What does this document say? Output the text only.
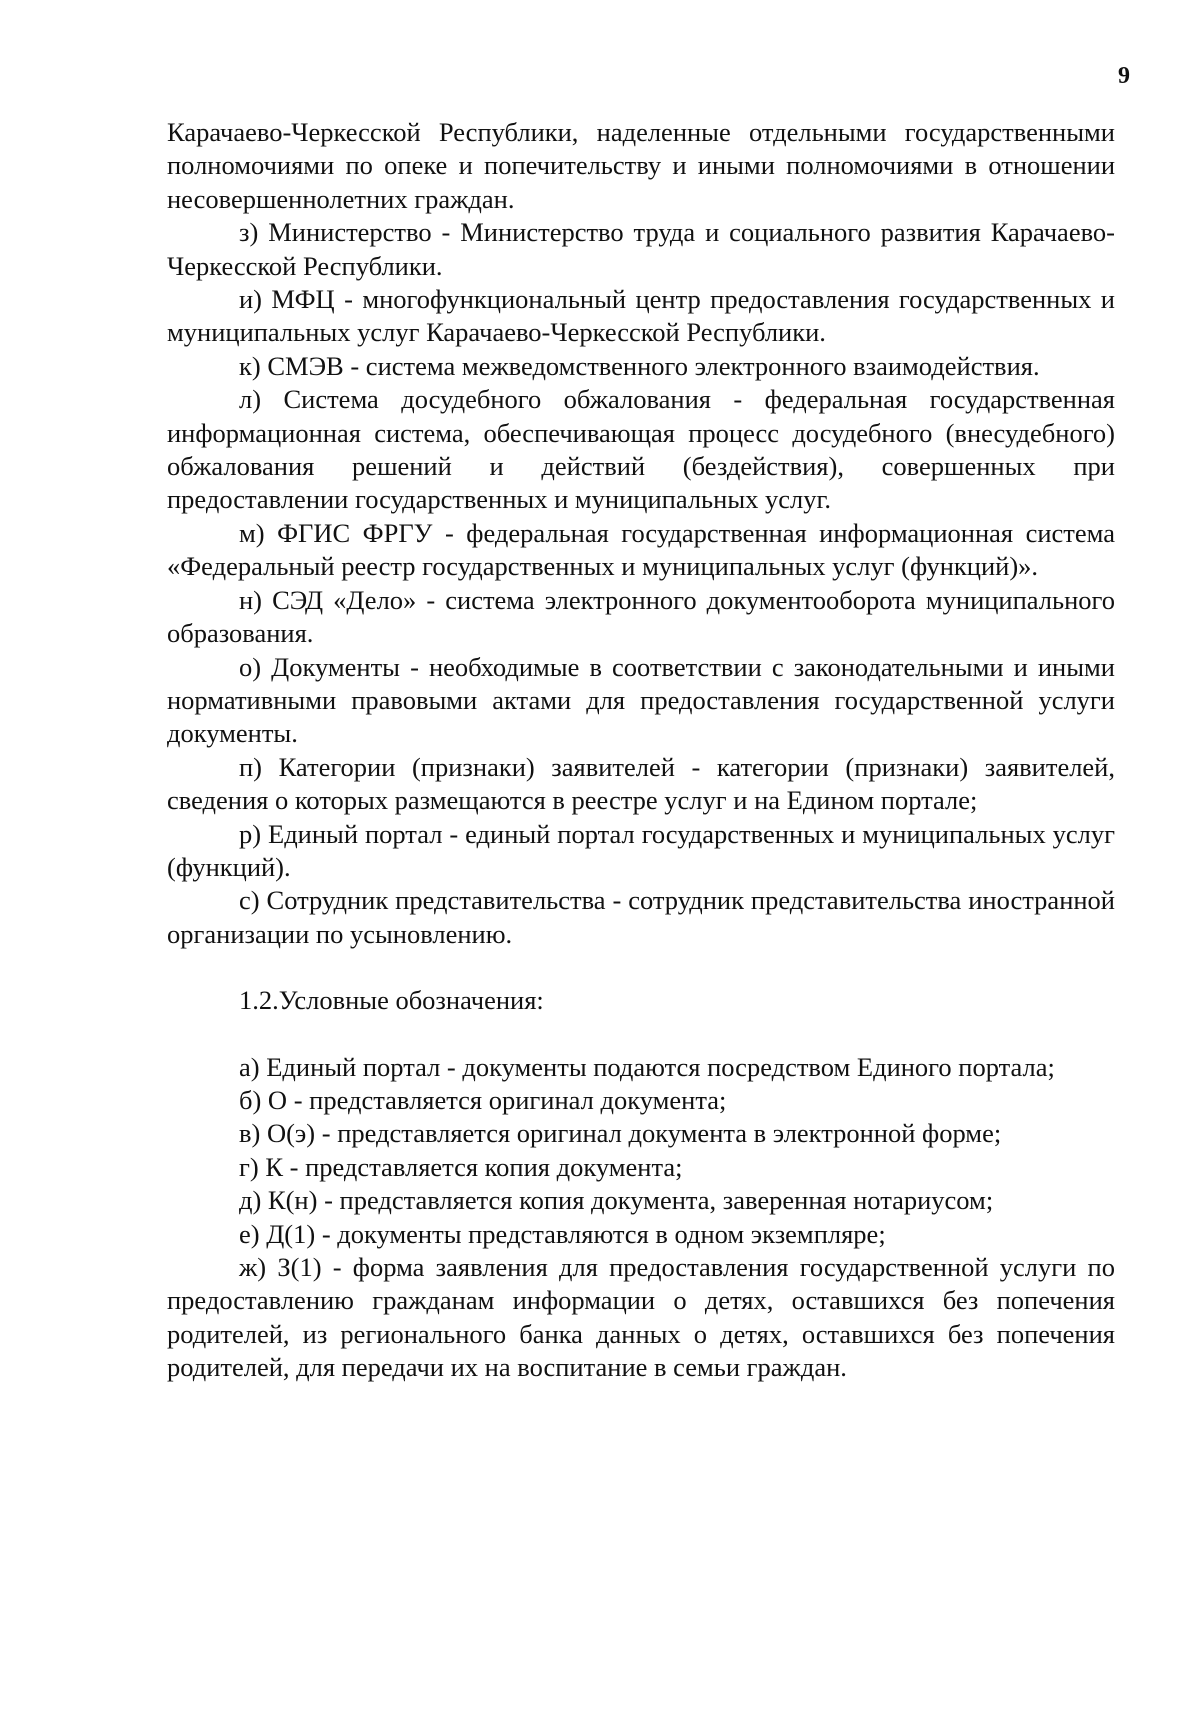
9

Карачаево-Черкесской Республики, наделенные отдельными государственными полномочиями по опеке и попечительству и иными полномочиями в отношении несовершеннолетних граждан.

з) Министерство - Министерство труда и социального развития Карачаево- Черкесской Республики.

и) МФЦ - многофункциональный центр предоставления государственных и муниципальных услуг Карачаево-Черкесской Республики.

к) СМЭВ - система межведомственного электронного взаимодействия.

л) Система досудебного обжалования - федеральная государственная информационная система, обеспечивающая процесс досудебного (внесудебного) обжалования решений и действий (бездействия), совершенных при предоставлении государственных и муниципальных услуг.

м) ФГИС ФРГУ - федеральная государственная информационная система «Федеральный реестр государственных и муниципальных услуг (функций)».

н) СЭД «Дело» - система электронного документооборота муниципального образования.

о) Документы - необходимые в соответствии с законодательными и иными нормативными правовыми актами для предоставления государственной услуги документы.

п) Категории (признаки) заявителей - категории (признаки) заявителей, сведения о которых размещаются в реестре услуг и на Едином портале;

р) Единый портал - единый портал государственных и муниципальных услуг (функций).

с) Сотрудник представительства - сотрудник представительства иностранной организации по усыновлению.

1.2.Условные обозначения:

а) Единый портал - документы подаются посредством Единого портала;

б) О - представляется оригинал документа;

в) О(э) - представляется оригинал документа в электронной форме;

г) К - представляется копия документа;

д) К(н) - представляется копия документа, заверенная нотариусом;

е) Д(1) - документы представляются в одном экземпляре;

ж) З(1) - форма заявления для предоставления государственной услуги по предоставлению гражданам информации о детях, оставшихся без попечения родителей, из регионального банка данных о детях, оставшихся без попечения родителей, для передачи их на воспитание в семьи граждан.
